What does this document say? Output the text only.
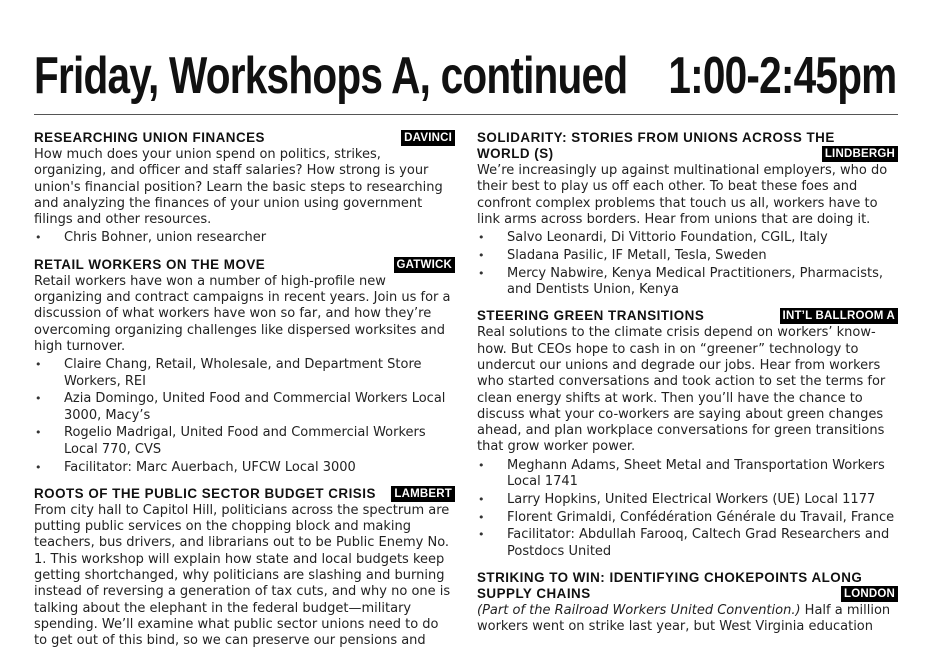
Friday, Workshops A, continued 1:00-2:45pm
RESEARCHING UNION FINANCES	DAVINCI

How much does your union spend on politics, strikes, organizing, and officer and staff salaries? How strong is your union's financial position? Learn the basic steps to researching and analyzing the finances of your union using government filings and other resources.

• Chris Bohner, union researcher
RETAIL WORKERS ON THE MOVE	GATWICK

Retail workers have won a number of high-profile new organizing and contract campaigns in recent years. Join us for a discussion of what workers have won so far, and how they’re overcoming organizing challenges like dispersed worksites and high turnover.

• Claire Chang, Retail, Wholesale, and Department Store Workers, REI
• Azia Domingo, United Food and Commercial Workers Local 3000, Macy’s
• Rogelio Madrigal, United Food and Commercial Workers Local 770, CVS
• Facilitator: Marc Auerbach, UFCW Local 3000
ROOTS OF THE PUBLIC SECTOR BUDGET CRISIS	LAMBERT

From city hall to Capitol Hill, politicians across the spectrum are putting public services on the chopping block and making teachers, bus drivers, and librarians out to be Public Enemy No. 1. This workshop will explain how state and local budgets keep getting shortchanged, why politicians are slashing and burning instead of reversing a generation of tax cuts, and why no one is talking about the elephant in the federal budget—military spending. We’ll examine what public sector unions need to do to get out of this bind, so we can preserve our pensions and

SOLIDARITY: STORIES FROM UNIONS ACROSS THE WORLD (S)	LINDBERGH

We’re increasingly up against multinational employers, who do their best to play us off each other. To beat these foes and confront complex problems that touch us all, workers have to link arms across borders. Hear from unions that are doing it.

• Salvo Leonardi, Di Vittorio Foundation, CGIL, Italy
• Sladana Pasilic, IF Metall, Tesla, Sweden
• Mercy Nabwire, Kenya Medical Practitioners, Pharmacists, and Dentists Union, Kenya
STEERING GREEN TRANSITIONS	INT’L BALLROOM A

Real solutions to the climate crisis depend on workers’ know-how. But CEOs hope to cash in on “greener” technology to undercut our unions and degrade our jobs. Hear from workers who started conversations and took action to set the terms for clean energy shifts at work. Then you’ll have the chance to discuss what your co-workers are saying about green changes ahead, and plan workplace conversations for green transitions that grow worker power.

• Meghann Adams, Sheet Metal and Transportation Workers Local 1741
• Larry Hopkins, United Electrical Workers (UE) Local 1177
• Florent Grimaldi, Confédération Générale du Travail, France
• Facilitator: Abdullah Farooq, Caltech Grad Researchers and Postdocs United
STRIKING TO WIN: IDENTIFYING CHOKEPOINTS ALONG SUPPLY CHAINS	LONDON

(Part of the Railroad Workers United Convention.) Half a million workers went on strike last year, but West Virginia education
